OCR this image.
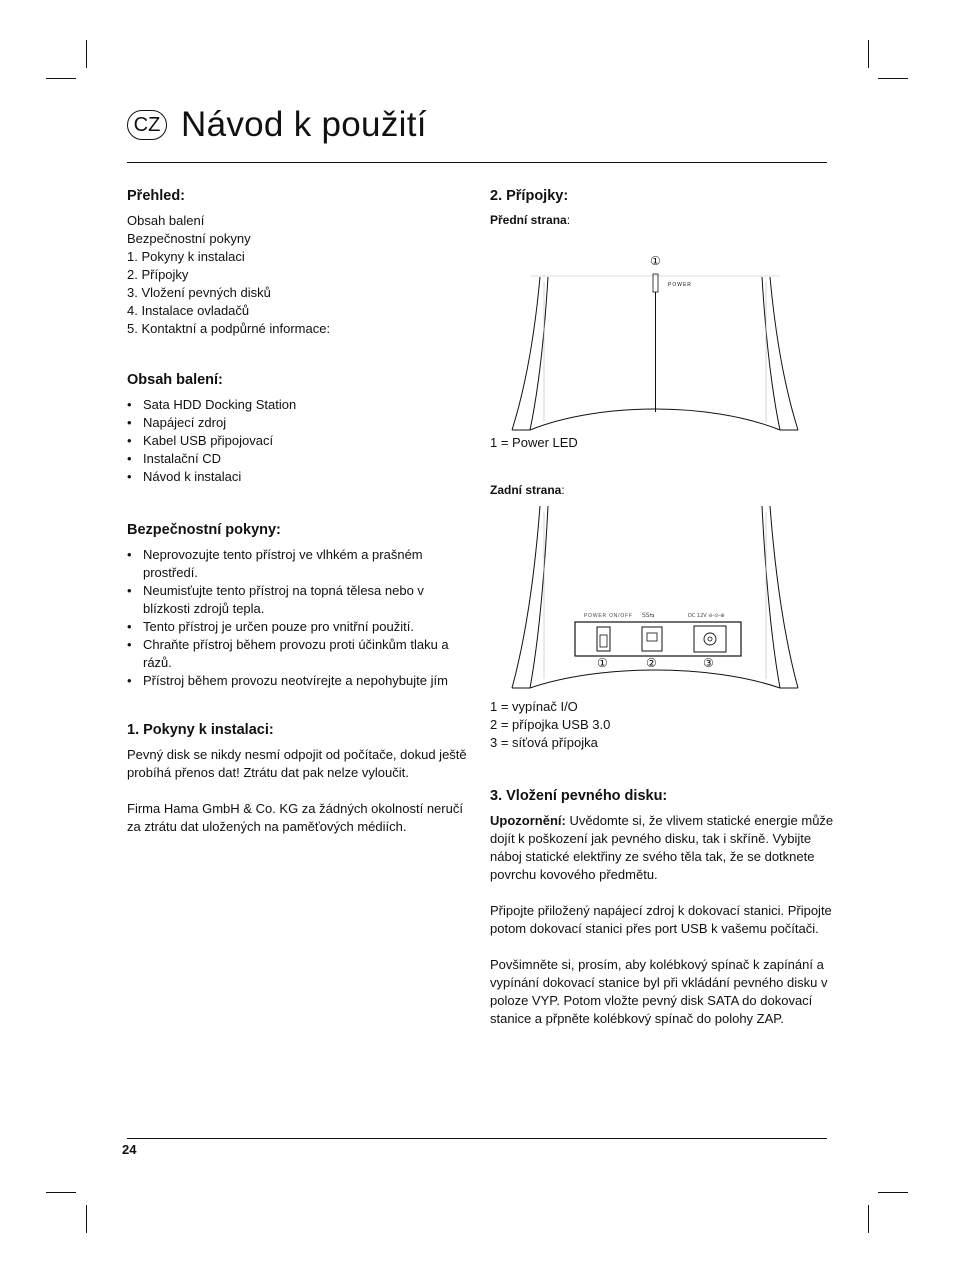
CZ Návod k použití
Přehled:
Obsah balení
Bezpečnostní pokyny
1. Pokyny k instalaci
2. Přípojky
3. Vložení pevných disků
4. Instalace ovladačů
5. Kontaktní a podpůrné informace:
Obsah balení:
• Sata HDD Docking Station
• Napájecí zdroj
• Kabel USB připojovací
• Instalační CD
• Návod k instalaci
Bezpečnostní pokyny:
• Neprovozujte tento přístroj ve vlhkém a prašném prostředí.
• Neumisťujte tento přístroj na topná tělesa nebo v blízkosti zdrojů tepla.
• Tento přístroj je určen pouze pro vnitřní použití.
• Chraňte přístroj během provozu proti účinkům tlaku a rázů.
• Přístroj během provozu neotvírejte a nepohybujte jím
1. Pokyny k instalaci:

Pevný disk se nikdy nesmí odpojit od počítače, dokud ještě probíhá přenos dat! Ztrátu dat pak nelze vyloučit.

Firma Hama GmbH & Co. KG za žádných okolností neručí za ztrátu dat uložených na paměťových médiích.

2. Přípojky:
Přední strana:
POWER
①
1 = Power LED
Zadní strana:
POWER ON/OFF SS⇆	DC 12V ⊖-⊙-⊕
①	②	③
1 = vypínač I/O
2 = přípojka USB 3.0
3 = síťová přípojka
3. Vložení pevného disku:

Upozornění: Uvědomte si, že vlivem statické energie může dojít k poškození jak pevného disku, tak i skříně. Vybijte náboj statické elektřiny ze svého těla tak, že se dotknete povrchu kovového předmětu.

Připojte přiložený napájecí zdroj k dokovací stanici. Připojte potom dokovací stanici přes port USB k vašemu počítači.

Povšimněte si, prosím, aby kolébkový spínač k zapínání a vypínání dokovací stanice byl při vkládání pevného disku v poloze VYP. Potom vložte pevný disk SATA do dokovací stanice a přpněte kolébkový spínač do polohy ZAP.

24
